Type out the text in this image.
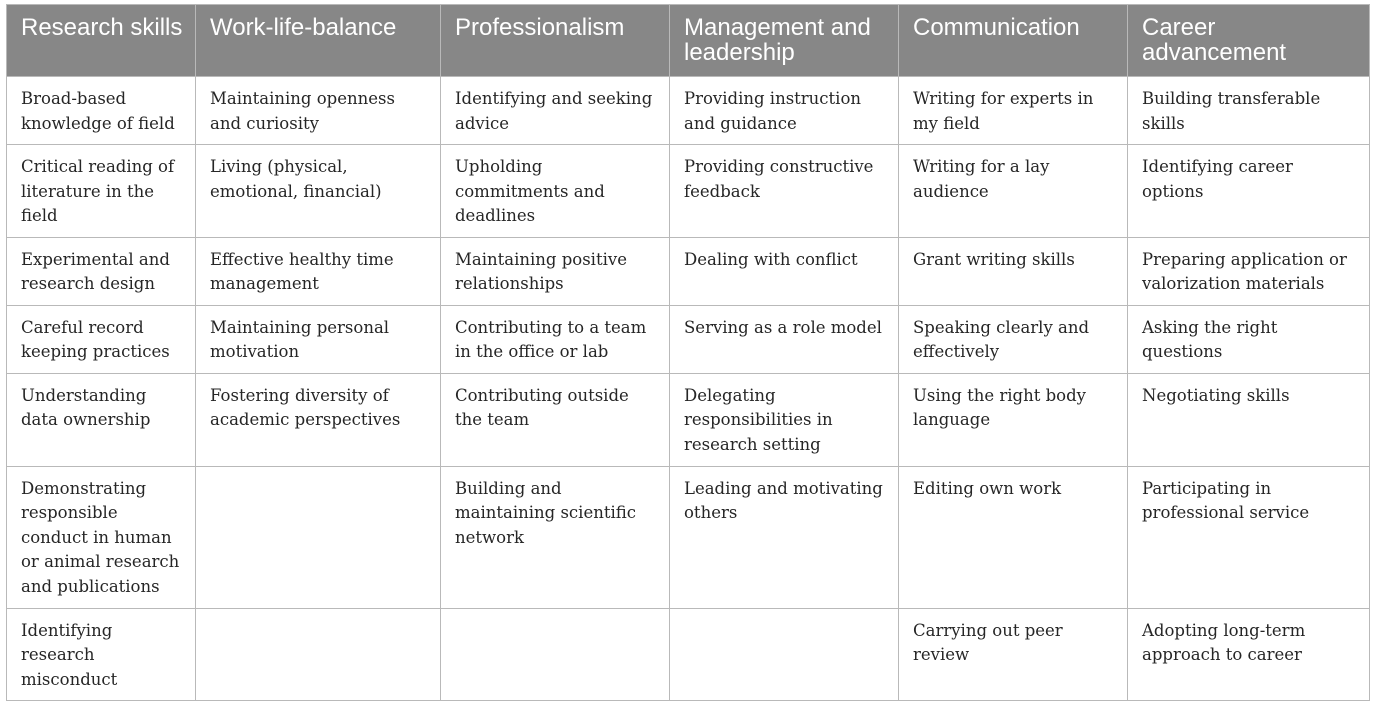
Research skills	Work-life-balance	Professionalism	Management and leadership	Communication	Career advancement
Broad-based knowledge of field	Maintaining openness and curiosity	Identifying and seeking advice	Providing instruction and guidance	Writing for experts in my field	Building transferable skills
Critical reading of literature in the field	Living (physical, emotional, financial)	Upholding commitments and deadlines	Providing constructive feedback	Writing for a lay audience	Identifying career options
Experimental and research design	Effective healthy time management	Maintaining positive relationships	Dealing with conflict	Grant writing skills	Preparing application or valorization materials
Careful record keeping practices	Maintaining personal motivation	Contributing to a team in the office or lab	Serving as a role model	Speaking clearly and effectively	Asking the right questions
Understanding data ownership	Fostering diversity of academic perspectives	Contributing outside the team	Delegating responsibilities in research setting	Using the right body language	Negotiating skills
Demonstrating responsible conduct in human or animal research and publications		Building and maintaining scientific network	Leading and motivating others	Editing own work	Participating in professional service
Identifying research misconduct				Carrying out peer review	Adopting long-term approach to career
